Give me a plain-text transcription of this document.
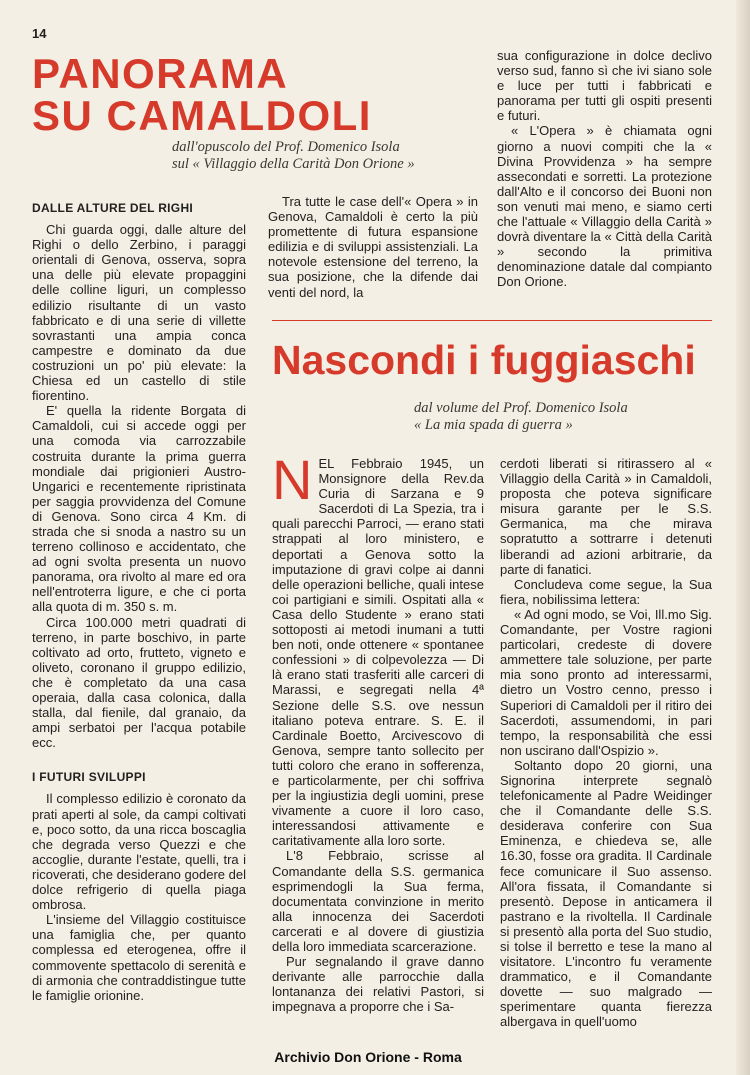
14
PANORAMA
SU CAMALDOLI
dall'opuscolo del Prof. Domenico Isola
sul « Villaggio della Carità Don Orione »
DALLE ALTURE DEL RIGHI

Chi guarda oggi, dalle alture del Righi o dello Zerbino, i paraggi orientali di Genova, osserva, sopra una delle più elevate propaggini delle colline liguri, un complesso edilizio risultante di un vasto fabbricato e di una serie di villette sovrastanti una ampia conca campestre e dominato da due costruzioni un po' più elevate: la Chiesa ed un castello di stile fiorentino.

E' quella la ridente Borgata di Camaldoli, cui si accede oggi per una comoda via carrozzabile costruita durante la prima guerra mondiale dai prigionieri Austro-Ungarici e recentemente ripristinata per saggia provvidenza del Comune di Genova. Sono circa 4 Km. di strada che si snoda a nastro su un terreno collinoso e accidentato, che ad ogni svolta presenta un nuovo panorama, ora rivolto al mare ed ora nell'entroterra ligure, e che ci porta alla quota di m. 350 s. m.

Circa 100.000 metri quadrati di terreno, in parte boschivo, in parte coltivato ad orto, frutteto, vigneto e oliveto, coronano il gruppo edilizio, che è completato da una casa operaia, dalla casa colonica, dalla stalla, dal fienile, dal granaio, da ampi serbatoi per l'acqua potabile ecc.

I FUTURI SVILUPPI

Il complesso edilizio è coronato da prati aperti al sole, da campi coltivati e, poco sotto, da una ricca boscaglia che degrada verso Quezzi e che accoglie, durante l'estate, quelli, tra i ricoverati, che desiderano godere del dolce refrigerio di quella piaga ombrosa.

L'insieme del Villaggio costituisce una famiglia che, per quanto complessa ed eterogenea, offre il commovente spettacolo di serenità e di armonia che contraddistingue tutte le famiglie orionine.

Tra tutte le case dell'« Opera » in Genova, Camaldoli è certo la più promettente di futura espansione edilizia e di sviluppi assistenziali. La notevole estensione del terreno, la sua posizione, che la difende dai venti del nord, la

sua configurazione in dolce declivo verso sud, fanno sì che ivi siano sole e luce per tutti i fabbricati e panorama per tutti gli ospiti presenti e futuri.

« L'Opera » è chiamata ogni giorno a nuovi compiti che la « Divina Provvidenza » ha sempre assecondati e sorretti. La protezione dall'Alto e il concorso dei Buoni non son venuti mai meno, e siamo certi che l'attuale « Villaggio della Carità » dovrà diventare la « Città della Carità » secondo la primitiva denominazione datale dal compianto Don Orione.

Nascondi i fuggiaschi
dal volume del Prof. Domenico Isola
« La mia spada di guerra »

NEL Febbraio 1945, un Monsignore della Rev.da Curia di Sarzana e 9 Sacerdoti di La Spezia, tra i quali parecchi Parroci, — erano stati strappati al loro ministero, e deportati a Genova sotto la imputazione di gravi colpe ai danni delle operazioni belliche, quali intese coi partigiani e simili. Ospitati alla « Casa dello Studente » erano stati sottoposti ai metodi inumani a tutti ben noti, onde ottenere « spontanee confessioni » di colpevolezza — Di là erano stati trasferiti alle carceri di Marassi, e segregati nella 4ª Sezione delle S.S. ove nessun italiano poteva entrare. S. E. il Cardinale Boetto, Arcivescovo di Genova, sempre tanto sollecito per tutti coloro che erano in sofferenza, e particolarmente, per chi soffriva per la ingiustizia degli uomini, prese vivamente a cuore il loro caso, interessandosi attivamente e caritativamente alla loro sorte.

L'8 Febbraio, scrisse al Comandante della S.S. germanica esprimendogli la Sua ferma, documentata convinzione in merito alla innocenza dei Sacerdoti carcerati e al dovere di giustizia della loro immediata scarcerazione.

Pur segnalando il grave danno derivante alle parrocchie dalla lontananza dei relativi Pastori, si impegnava a proporre che i Sa-

cerdoti liberati si ritirassero al « Villaggio della Carità » in Camaldoli, proposta che poteva significare misura garante per le S.S. Germanica, ma che mirava sopratutto a sottrarre i detenuti liberandi ad azioni arbitrarie, da parte di fanatici.

Concludeva come segue, la Sua fiera, nobilissima lettera:

« Ad ogni modo, se Voi, Ill.mo Sig. Comandante, per Vostre ragioni particolari, credeste di dovere ammettere tale soluzione, per parte mia sono pronto ad interessarmi, dietro un Vostro cenno, presso i Superiori di Camaldoli per il ritiro dei Sacerdoti, assumendomi, in pari tempo, la responsabilità che essi non uscirano dall'Ospizio ».

Soltanto dopo 20 giorni, una Signorina interprete segnalò telefonicamente al Padre Weidinger che il Comandante delle S.S. desiderava conferire con Sua Eminenza, e chiedeva se, alle 16.30, fosse ora gradita. Il Cardinale fece comunicare il Suo assenso. All'ora fissata, il Comandante si presentò. Depose in anticamera il pastrano e la rivoltella. Il Cardinale si presentò alla porta del Suo studio, si tolse il berretto e tese la mano al visitatore. L'incontro fu veramente drammatico, e il Comandante dovette — suo malgrado — sperimentare quanta fierezza albergava in quell'uomo

Archivio Don Orione - Roma
